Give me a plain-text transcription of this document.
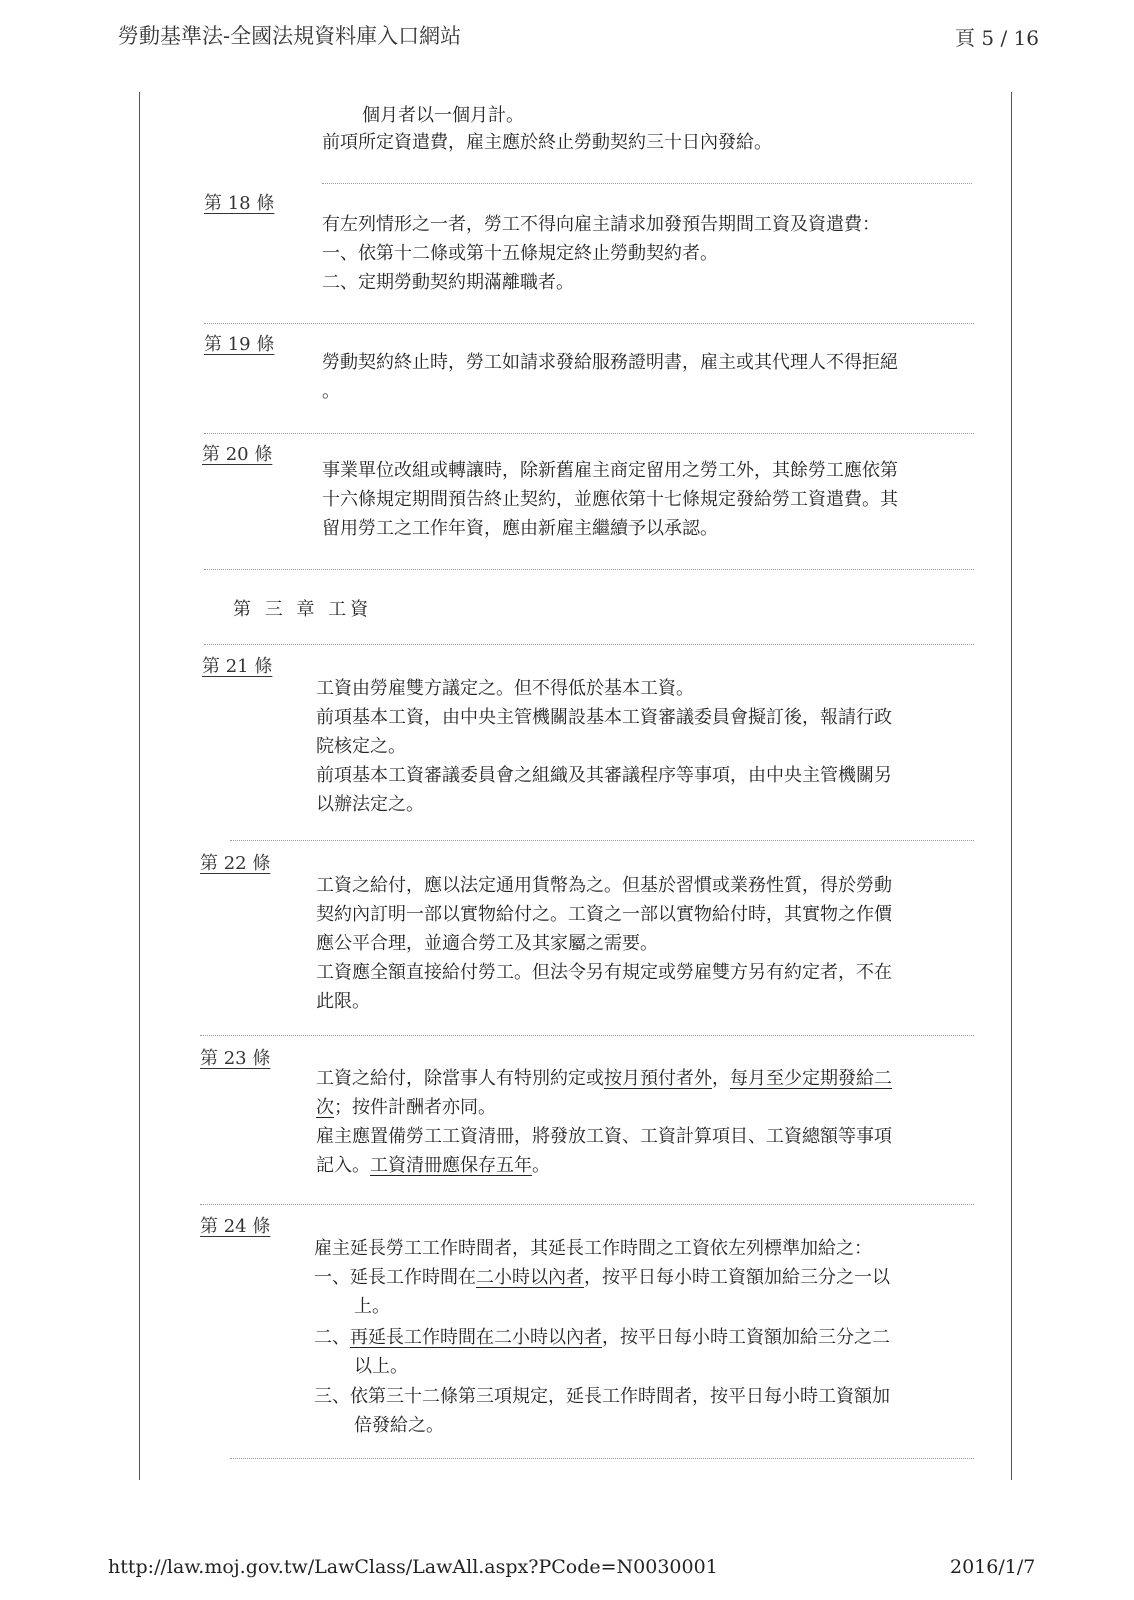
勞動基準法-全國法規資料庫入口網站	頁 5 / 16
個月者以一個月計。
前項所定資遣費，雇主應於終止勞動契約三十日內發給。
第 18 條
有左列情形之一者，勞工不得向雇主請求加發預告期間工資及資遣費：
一、依第十二條或第十五條規定終止勞動契約者。
二、定期勞動契約期滿離職者。
第 19 條
勞動契約終止時，勞工如請求發給服務證明書，雇主或其代理人不得拒絕
。
第 20 條
事業單位改組或轉讓時，除新舊雇主商定留用之勞工外，其餘勞工應依第
十六條規定期間預告終止契約，並應依第十七條規定發給勞工資遣費。其
留用勞工之工作年資，應由新雇主繼續予以承認。
第 三 章 工資
第 21 條
工資由勞雇雙方議定之。但不得低於基本工資。
前項基本工資，由中央主管機關設基本工資審議委員會擬訂後，報請行政
院核定之。
前項基本工資審議委員會之組織及其審議程序等事項，由中央主管機關另
以辦法定之。
第 22 條
工資之給付，應以法定通用貨幣為之。但基於習慣或業務性質，得於勞動
契約內訂明一部以實物給付之。工資之一部以實物給付時，其實物之作價
應公平合理，並適合勞工及其家屬之需要。
工資應全額直接給付勞工。但法令另有規定或勞雇雙方另有約定者，不在
此限。
第 23 條
工資之給付，除當事人有特別約定或按月預付者外，每月至少定期發給二
次；按件計酬者亦同。
雇主應置備勞工工資清冊，將發放工資、工資計算項目、工資總額等事項
記入。工資清冊應保存五年。
第 24 條
雇主延長勞工工作時間者，其延長工作時間之工資依左列標準加給之：
一、延長工作時間在二小時以內者，按平日每小時工資額加給三分之一以
上。
二、再延長工作時間在二小時以內者，按平日每小時工資額加給三分之二
以上。
三、依第三十二條第三項規定，延長工作時間者，按平日每小時工資額加
倍發給之。
http://law.moj.gov.tw/LawClass/LawAll.aspx?PCode=N0030001	2016/1/7
